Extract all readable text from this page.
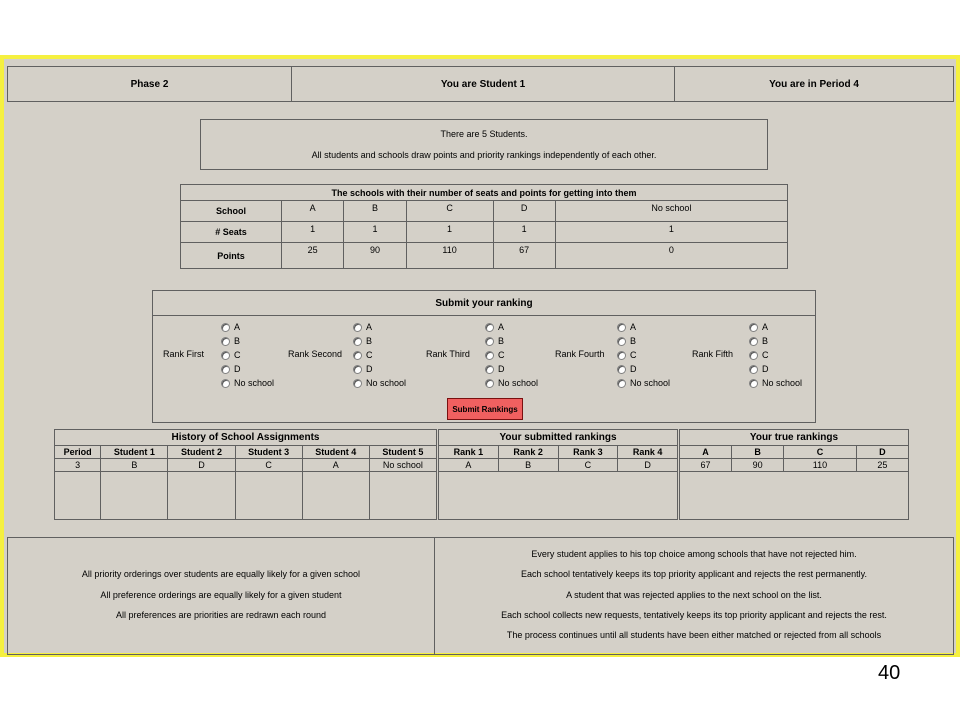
Phase 2	You are Student 1	You are in Period 4
There are 5 Students.
All students and schools draw points and priority rankings independently of each other.
The schools with their number of seats and points for getting into them					
School	A	B	C	D	No school
# Seats	1	1	1	1	1
Points	25	90	110	67	0
Submit your ranking
Rank First	Rank Second	Rank Third	Rank Fourth	Rank Fifth
A
B
C
D
No school
A
B
C
D
No school
A
B
C
D
No school
A
B
C
D
No school
A
B
C
D
No school
Submit Rankings
History of School Assignments					
Period	Student 1	Student 2	Student 3	Student 4	Student 5
3	B	D	C	A	No school

Your submitted rankings			
Rank 1	Rank 2	Rank 3	Rank 4
A	B	C	D

Your true rankings			
A	B	C	D
67	90	110	25

All priority orderings over students are equally likely for a given school
All preference orderings are equally likely for a given student
All preferences are priorities are redrawn each round
Every student applies to his top choice among schools that have not rejected him.
Each school tentatively keeps its top priority applicant and rejects the rest permanently.
A student that was rejected applies to the next school on the list.
Each school collects new requests, tentatively keeps its top priority applicant and rejects the rest.
The process continues until all students have been either matched or rejected from all schools
40
